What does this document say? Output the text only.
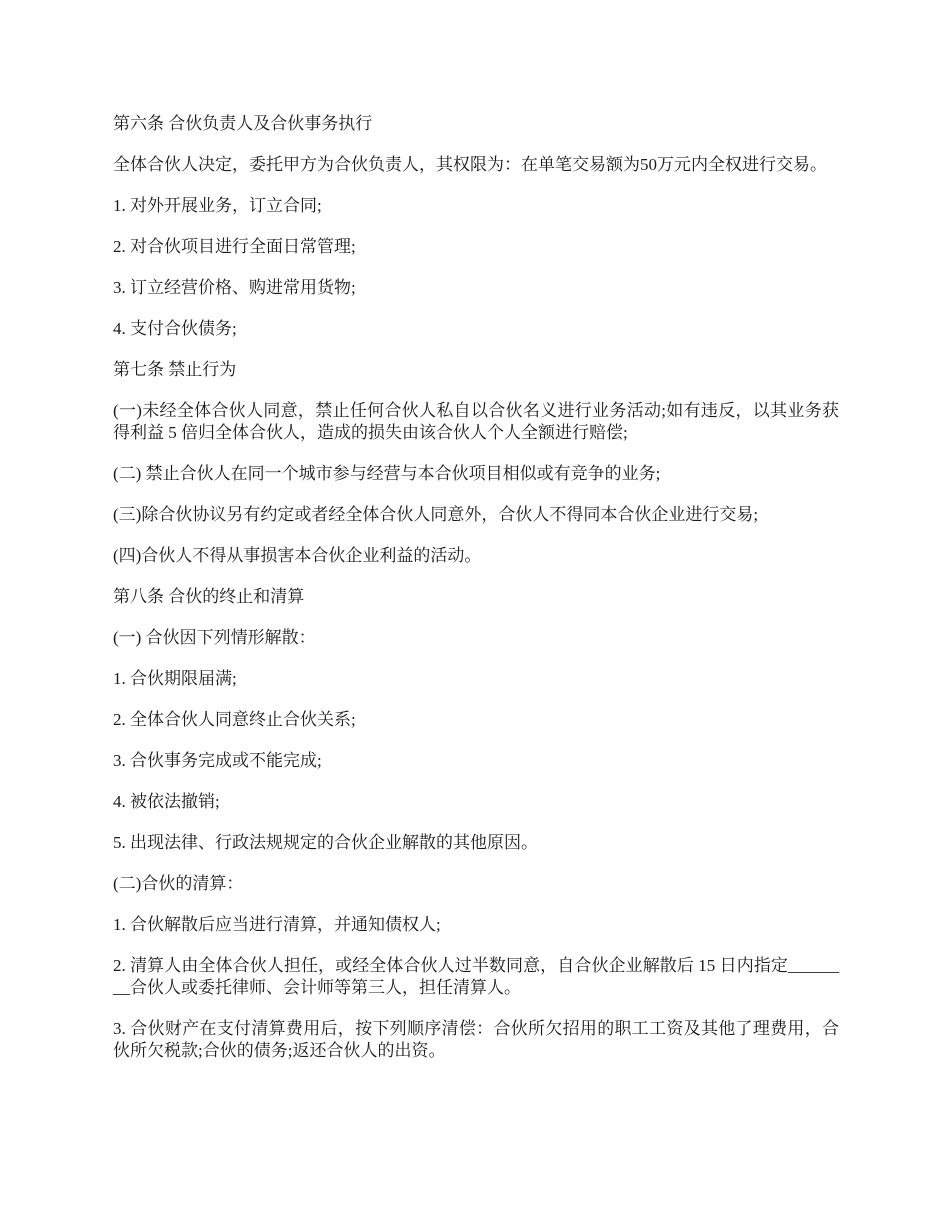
第六条 合伙负责人及合伙事务执行

全体合伙人决定，委托甲方为合伙负责人，其权限为：在单笔交易额为50万元内全权进行交易。

1. 对外开展业务，订立合同;

2. 对合伙项目进行全面日常管理;

3. 订立经营价格、购进常用货物;

4. 支付合伙债务;

第七条 禁止行为

(一)未经全体合伙人同意，禁止任何合伙人私自以合伙名义进行业务活动;如有违反，以其业务获得利益 5 倍归全体合伙人，造成的损失由该合伙人个人全额进行赔偿;

(二) 禁止合伙人在同一个城市参与经营与本合伙项目相似或有竞争的业务;

(三)除合伙协议另有约定或者经全体合伙人同意外，合伙人不得同本合伙企业进行交易;

(四)合伙人不得从事损害本合伙企业利益的活动。

第八条 合伙的终止和清算

(一) 合伙因下列情形解散：

1. 合伙期限届满;

2. 全体合伙人同意终止合伙关系;

3. 合伙事务完成或不能完成;

4. 被依法撤销;

5. 出现法律、行政法规规定的合伙企业解散的其他原因。

(二)合伙的清算：

1. 合伙解散后应当进行清算，并通知债权人;

2. 清算人由全体合伙人担任，或经全体合伙人过半数同意，自合伙企业解散后 15 日内指定________合伙人或委托律师、会计师等第三人，担任清算人。

3. 合伙财产在支付清算费用后，按下列顺序清偿：合伙所欠招用的职工工资及其他了理费用，合伙所欠税款;合伙的债务;返还合伙人的出资。
